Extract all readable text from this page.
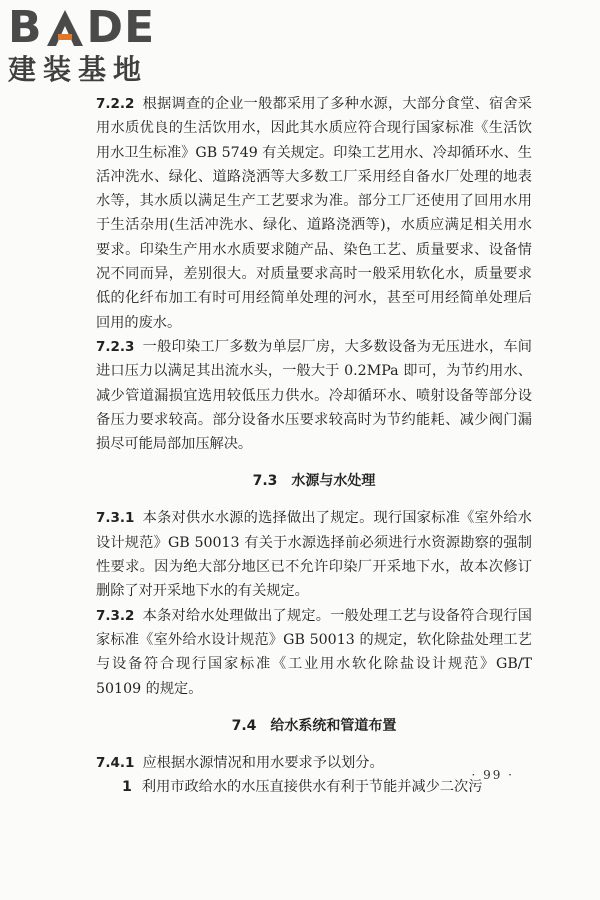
B DE
建装基地

7.2.2 根据调查的企业一般都采用了多种水源，大部分食堂、宿舍采用水质优良的生活饮用水，因此其水质应符合现行国家标准《生活饮用水卫生标准》GB 5749 有关规定。印染工艺用水、冷却循环水、生活冲洗水、绿化、道路浇洒等大多数工厂采用经自备水厂处理的地表水等，其水质以满足生产工艺要求为准。部分工厂还使用了回用水用于生活杂用(生活冲洗水、绿化、道路浇洒等)，水质应满足相关用水要求。印染生产用水水质要求随产品、染色工艺、质量要求、设备情况不同而异，差别很大。对质量要求高时一般采用软化水，质量要求低的化纤布加工有时可用经简单处理的河水，甚至可用经简单处理后回用的废水。

7.2.3 一般印染工厂多数为单层厂房，大多数设备为无压进水，车间进口压力以满足其出流水头，一般大于 0.2MPa 即可，为节约用水、减少管道漏损宜选用较低压力供水。冷却循环水、喷射设备等部分设备压力要求较高。部分设备水压要求较高时为节约能耗、减少阀门漏损尽可能局部加压解决。

7.3 水源与水处理

7.3.1 本条对供水水源的选择做出了规定。现行国家标准《室外给水设计规范》GB 50013 有关于水源选择前必须进行水资源勘察的强制性要求。因为绝大部分地区已不允许印染厂开采地下水，故本次修订删除了对开采地下水的有关规定。

7.3.2 本条对给水处理做出了规定。一般处理工艺与设备符合现行国家标准《室外给水设计规范》GB 50013 的规定，软化除盐处理工艺与设备符合现行国家标准《工业用水软化除盐设计规范》GB/T 50109 的规定。

7.4 给水系统和管道布置

7.4.1 应根据水源情况和用水要求予以划分。

1 利用市政给水的水压直接供水有利于节能并减少二次污

· 99 ·
